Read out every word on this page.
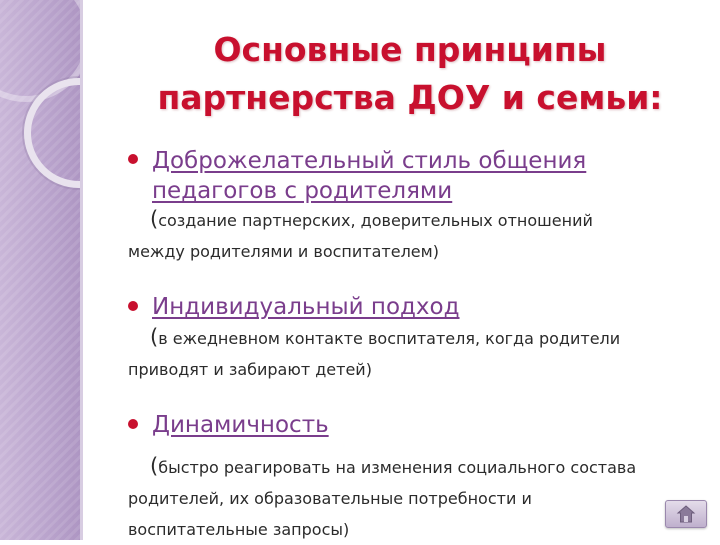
Основные принципы
партнерства ДОУ и семьи:
Доброжелательный стиль общения
педагогов с родителями
(создание партнерских, доверительных отношений
между родителями и воспитателем)
Индивидуальный подход
(в ежедневном контакте воспитателя, когда родители
приводят и забирают детей)
Динамичность
(быстро реагировать на изменения социального состава
родителей, их образовательные потребности и
воспитательные запросы)
